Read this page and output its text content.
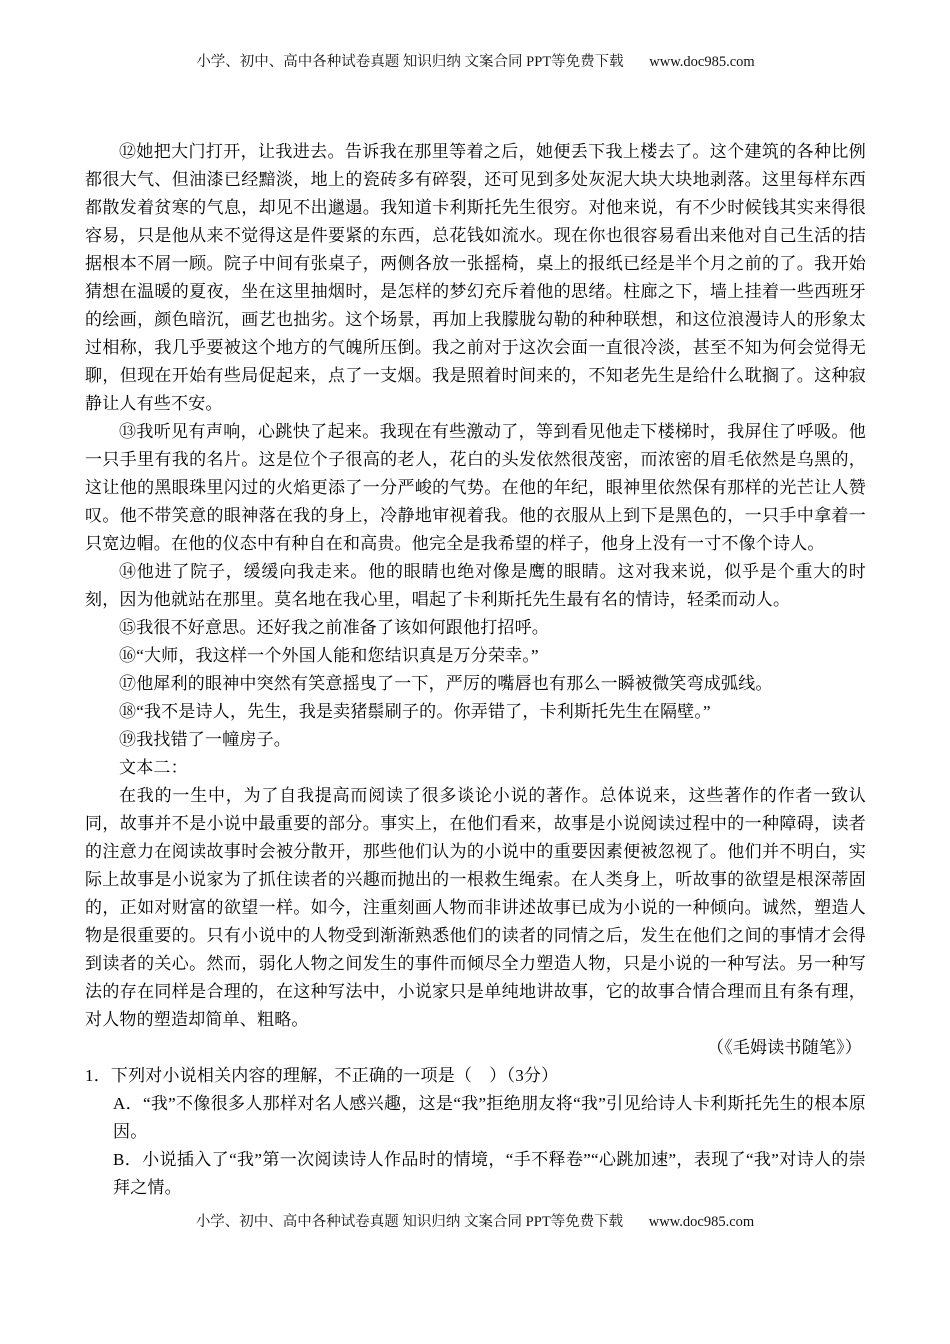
小学、初中、高中各种试卷真题 知识归纳 文案合同 PPT等免费下载 www.doc985.com

⑫她把大门打开，让我进去。告诉我在那里等着之后，她便丢下我上楼去了。这个建筑的各种比例都很大气、但油漆已经黯淡，地上的瓷砖多有碎裂，还可见到多处灰泥大块大块地剥落。这里每样东西都散发着贫寒的气息，却见不出邋遢。我知道卡利斯托先生很穷。对他来说，有不少时候钱其实来得很容易，只是他从来不觉得这是件要紧的东西，总花钱如流水。现在你也很容易看出来他对自己生活的拮据根本不屑一顾。院子中间有张桌子，两侧各放一张摇椅，桌上的报纸已经是半个月之前的了。我开始猜想在温暖的夏夜，坐在这里抽烟时，是怎样的梦幻充斥着他的思绪。柱廊之下，墙上挂着一些西班牙的绘画，颜色暗沉，画艺也拙劣。这个场景，再加上我朦胧勾勒的种种联想，和这位浪漫诗人的形象太过相称，我几乎要被这个地方的气魄所压倒。我之前对于这次会面一直很冷淡，甚至不知为何会觉得无聊，但现在开始有些局促起来，点了一支烟。我是照着时间来的，不知老先生是给什么耽搁了。这种寂静让人有些不安。

⑬我听见有声响，心跳快了起来。我现在有些激动了，等到看见他走下楼梯时，我屏住了呼吸。他一只手里有我的名片。这是位个子很高的老人，花白的头发依然很茂密，而浓密的眉毛依然是乌黑的，这让他的黑眼珠里闪过的火焰更添了一分严峻的气势。在他的年纪，眼神里依然保有那样的光芒让人赞叹。他不带笑意的眼神落在我的身上，冷静地审视着我。他的衣服从上到下是黑色的，一只手中拿着一只宽边帽。在他的仪态中有种自在和高贵。他完全是我希望的样子，他身上没有一寸不像个诗人。

⑭他进了院子，缓缓向我走来。他的眼睛也绝对像是鹰的眼睛。这对我来说，似乎是个重大的时刻，因为他就站在那里。莫名地在我心里，唱起了卡利斯托先生最有名的情诗，轻柔而动人。

⑮我很不好意思。还好我之前准备了该如何跟他打招呼。

⑯“大师，我这样一个外国人能和您结识真是万分荣幸。”

⑰他犀利的眼神中突然有笑意摇曳了一下，严厉的嘴唇也有那么一瞬被微笑弯成弧线。

⑱“我不是诗人，先生，我是卖猪鬃刷子的。你弄错了，卡利斯托先生在隔壁。”

⑲我找错了一幢房子。

文本二：

在我的一生中，为了自我提高而阅读了很多谈论小说的著作。总体说来，这些著作的作者一致认同，故事并不是小说中最重要的部分。事实上，在他们看来，故事是小说阅读过程中的一种障碍，读者的注意力在阅读故事时会被分散开，那些他们认为的小说中的重要因素便被忽视了。他们并不明白，实际上故事是小说家为了抓住读者的兴趣而抛出的一根救生绳索。在人类身上，听故事的欲望是根深蒂固的，正如对财富的欲望一样。如今，注重刻画人物而非讲述故事已成为小说的一种倾向。诚然，塑造人物是很重要的。只有小说中的人物受到渐渐熟悉他们的读者的同情之后，发生在他们之间的事情才会得到读者的关心。然而，弱化人物之间发生的事件而倾尽全力塑造人物，只是小说的一种写法。另一种写法的存在同样是合理的，在这种写法中，小说家只是单纯地讲故事，它的故事合情合理而且有条有理，对人物的塑造却简单、粗略。

（《毛姆读书随笔》）

1．下列对小说相关内容的理解，不正确的一项是（　）（3分）

A．“我”不像很多人那样对名人感兴趣，这是“我”拒绝朋友将“我”引见给诗人卡利斯托先生的根本原因。

B．小说插入了“我”第一次阅读诗人作品时的情境，“手不释卷”“心跳加速”，表现了“我”对诗人的崇拜之情。

小学、初中、高中各种试卷真题 知识归纳 文案合同 PPT等免费下载 www.doc985.com
